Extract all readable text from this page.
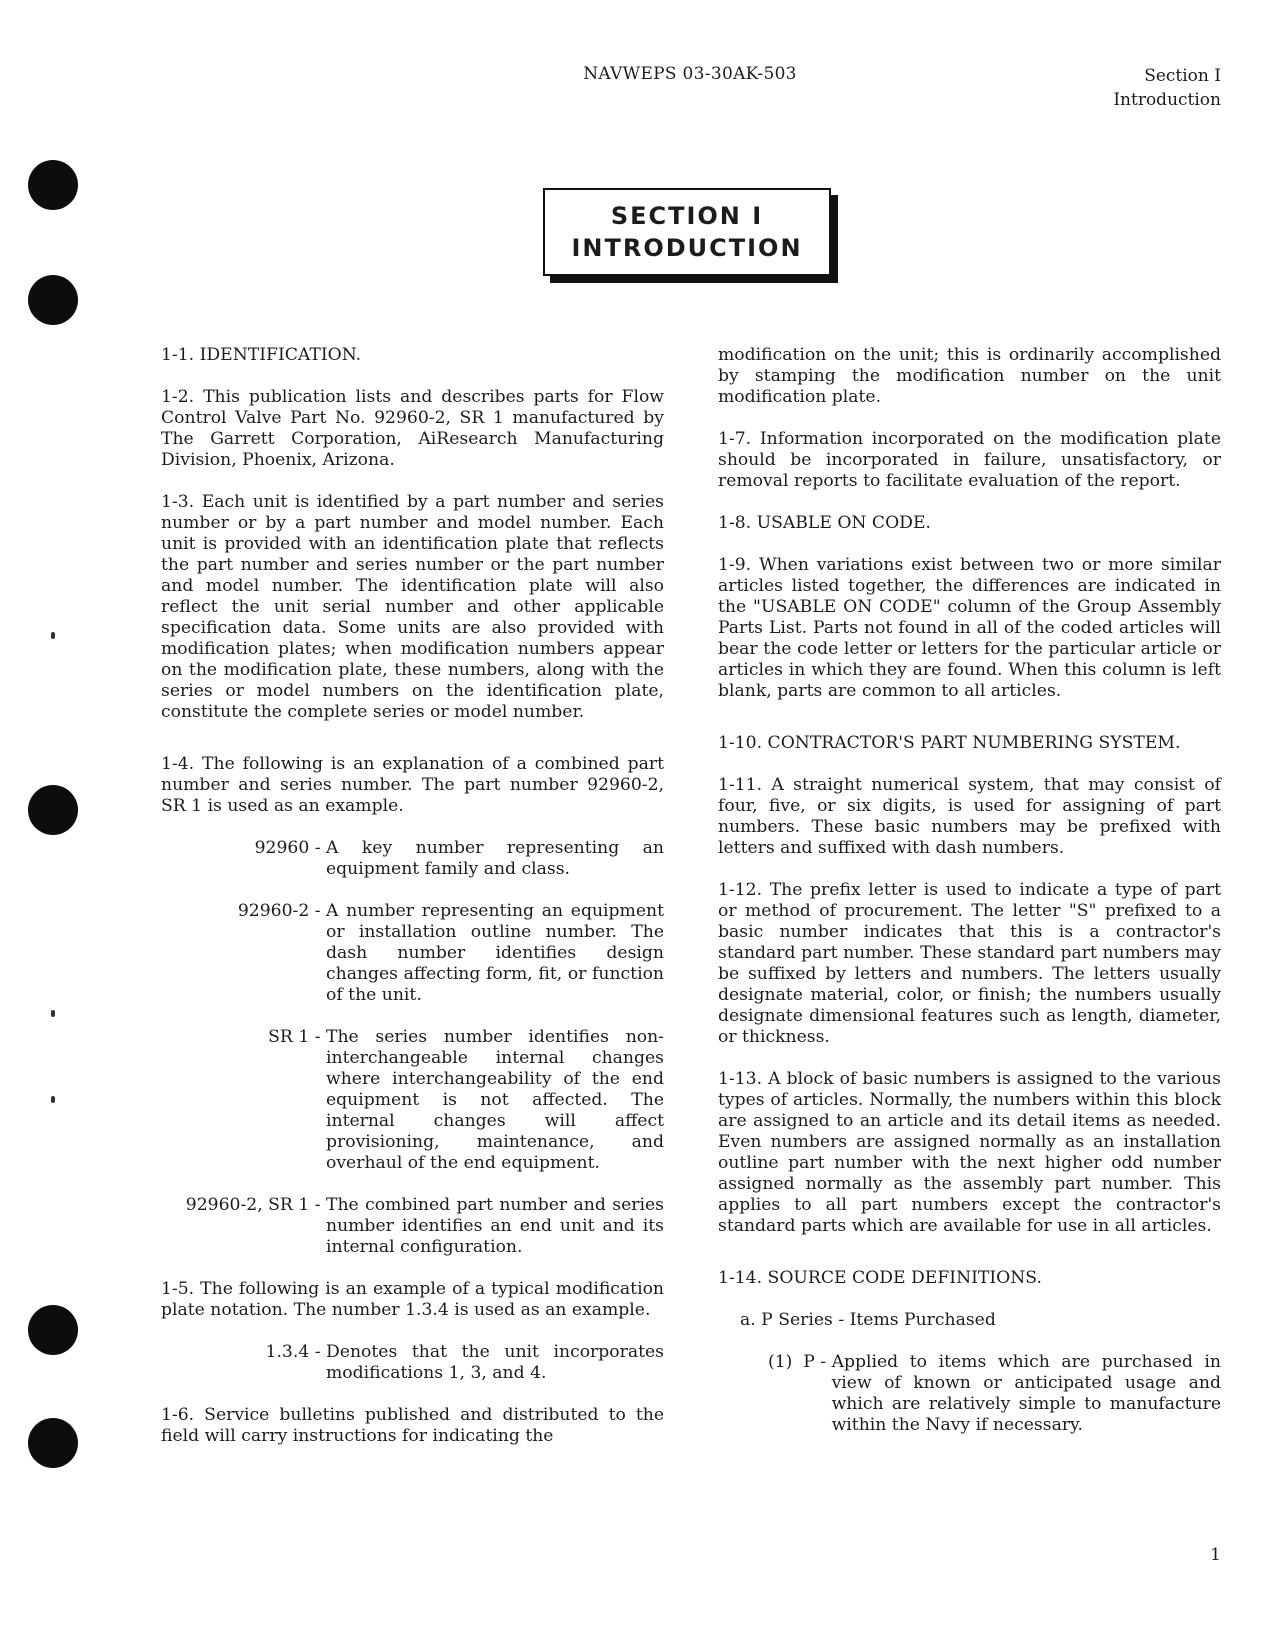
NAVWEPS 03-30AK-503	Section I
Introduction
SECTION I
INTRODUCTION

1-1. IDENTIFICATION.

1-2. This publication lists and describes parts for Flow Control Valve Part No. 92960-2, SR 1 manufactured by The Garrett Corporation, AiResearch Manufacturing Division, Phoenix, Arizona.

1-3. Each unit is identified by a part number and series number or by a part number and model number. Each unit is provided with an identification plate that reflects the part number and series number or the part number and model number. The identification plate will also reflect the unit serial number and other applicable specification data. Some units are also provided with modification plates; when modification numbers appear on the modification plate, these numbers, along with the series or model numbers on the identification plate, constitute the complete series or model number.

1-4. The following is an explanation of a combined part number and series number. The part number 92960-2, SR 1 is used as an example.

92960 - A key number representing an equipment family and class.
92960-2 - A number representing an equipment or installation outline number. The dash number identifies design changes affecting form, fit, or function of the unit.
SR 1 - The series number identifies non-interchangeable internal changes where interchangeability of the end equipment is not affected. The internal changes will affect provisioning, maintenance, and overhaul of the end equipment.
92960-2, SR 1 - The combined part number and series number identifies an end unit and its internal configuration.

1-5. The following is an example of a typical modification plate notation. The number 1.3.4 is used as an example.

1.3.4 - Denotes that the unit incorporates modifications 1, 3, and 4.

1-6. Service bulletins published and distributed to the field will carry instructions for indicating the

modification on the unit; this is ordinarily accomplished by stamping the modification number on the unit modification plate.

1-7. Information incorporated on the modification plate should be incorporated in failure, unsatisfactory, or removal reports to facilitate evaluation of the report.

1-8. USABLE ON CODE.

1-9. When variations exist between two or more similar articles listed together, the differences are indicated in the "USABLE ON CODE" column of the Group Assembly Parts List. Parts not found in all of the coded articles will bear the code letter or letters for the particular article or articles in which they are found. When this column is left blank, parts are common to all articles.

1-10. CONTRACTOR'S PART NUMBERING SYSTEM.

1-11. A straight numerical system, that may consist of four, five, or six digits, is used for assigning of part numbers. These basic numbers may be prefixed with letters and suffixed with dash numbers.

1-12. The prefix letter is used to indicate a type of part or method of procurement. The letter "S" prefixed to a basic number indicates that this is a contractor's standard part number. These standard part numbers may be suffixed by letters and numbers. The letters usually designate material, color, or finish; the numbers usually designate dimensional features such as length, diameter, or thickness.

1-13. A block of basic numbers is assigned to the various types of articles. Normally, the numbers within this block are assigned to an article and its detail items as needed. Even numbers are assigned normally as an installation outline part number with the next higher odd number assigned normally as the assembly part number. This applies to all part numbers except the contractor's standard parts which are available for use in all articles.

1-14. SOURCE CODE DEFINITIONS.

a. P Series - Items Purchased
(1)  P - Applied to items which are purchased in view of known or anticipated usage and which are relatively simple to manufacture within the Navy if necessary.
1
